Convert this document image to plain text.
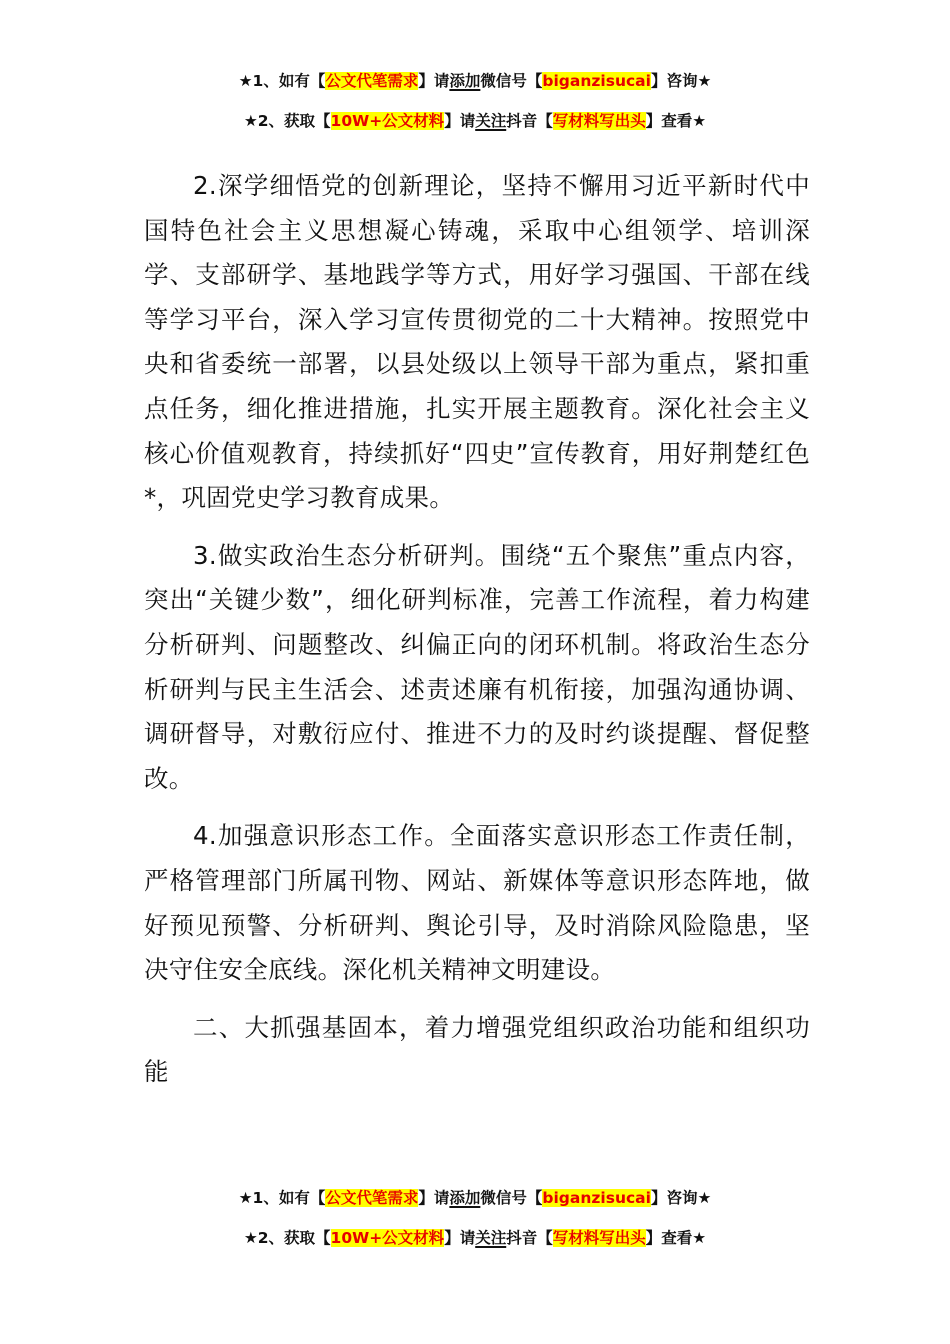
★1、如有【公文代笔需求】请添加微信号【biganzisucai】咨询★
★2、获取【10W+公文材料】请关注抖音【写材料写出头】查看★

2.深学细悟党的创新理论，坚持不懈用习近平新时代中国特色社会主义思想凝心铸魂，采取中心组领学、培训深学、支部研学、基地践学等方式，用好学习强国、干部在线等学习平台，深入学习宣传贯彻党的二十大精神。按照党中央和省委统一部署，以县处级以上领导干部为重点，紧扣重点任务，细化推进措施，扎实开展主题教育。深化社会主义核心价值观教育，持续抓好“四史”宣传教育，用好荆楚红色*，巩固党史学习教育成果。

3.做实政治生态分析研判。围绕“五个聚焦”重点内容，突出“关键少数”，细化研判标准，完善工作流程，着力构建分析研判、问题整改、纠偏正向的闭环机制。将政治生态分析研判与民主生活会、述责述廉有机衔接，加强沟通协调、调研督导，对敷衍应付、推进不力的及时约谈提醒、督促整改。

4.加强意识形态工作。全面落实意识形态工作责任制，严格管理部门所属刊物、网站、新媒体等意识形态阵地，做好预见预警、分析研判、舆论引导，及时消除风险隐患，坚决守住安全底线。深化机关精神文明建设。

二、大抓强基固本，着力增强党组织政治功能和组织功能

★1、如有【公文代笔需求】请添加微信号【biganzisucai】咨询★
★2、获取【10W+公文材料】请关注抖音【写材料写出头】查看★
